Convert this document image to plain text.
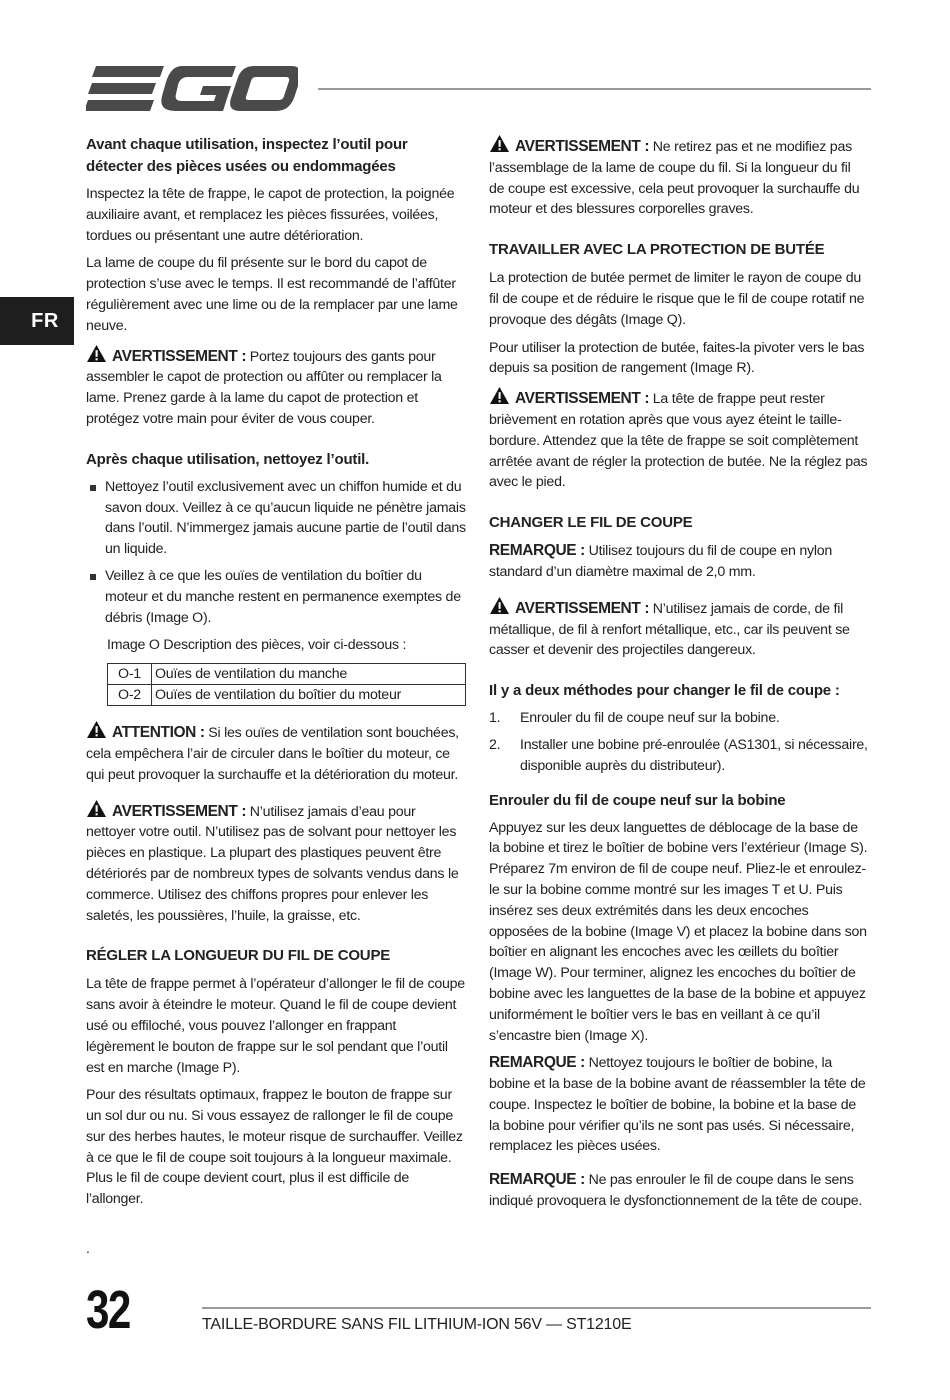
FR
Avant chaque utilisation, inspectez l’outil pour détecter des pièces usées ou endommagées

Inspectez la tête de frappe, le capot de protection, la poignée auxiliaire avant, et remplacez les pièces fissurées, voilées, tordues ou présentant une autre détérioration.

La lame de coupe du fil présente sur le bord du capot de protection s’use avec le temps. Il est recommandé de l’affûter régulièrement avec une lime ou de la remplacer par une lame neuve.

AVERTISSEMENT : Portez toujours des gants pour assembler le capot de protection ou affûter ou remplacer la lame. Prenez garde à la lame du capot de protection et protégez votre main pour éviter de vous couper.

Après chaque utilisation, nettoyez l’outil.
Nettoyez l’outil exclusivement avec un chiffon humide et du savon doux. Veillez à ce qu’aucun liquide ne pénètre jamais dans l’outil. N’immergez jamais aucune partie de l’outil dans un liquide.
Veillez à ce que les ouïes de ventilation du boîtier du moteur et du manche restent en permanence exemptes de débris (Image O).

Image O Description des pièces, voir ci-dessous :

O-1	Ouïes de ventilation du manche
O-2	Ouïes de ventilation du boîtier du moteur

ATTENTION : Si les ouïes de ventilation sont bouchées, cela empêchera l’air de circuler dans le boîtier du moteur, ce qui peut provoquer la surchauffe et la détérioration du moteur.

AVERTISSEMENT : N’utilisez jamais d’eau pour nettoyer votre outil. N’utilisez pas de solvant pour nettoyer les pièces en plastique. La plupart des plastiques peuvent être détériorés par de nombreux types de solvants vendus dans le commerce. Utilisez des chiffons propres pour enlever les saletés, les poussières, l’huile, la graisse, etc.

RÉGLER LA LONGUEUR DU FIL DE COUPE

La tête de frappe permet à l’opérateur d’allonger le fil de coupe sans avoir à éteindre le moteur. Quand le fil de coupe devient usé ou effiloché, vous pouvez l’allonger en frappant légèrement le bouton de frappe sur le sol pendant que l’outil est en marche (Image P).

Pour des résultats optimaux, frappez le bouton de frappe sur un sol dur ou nu. Si vous essayez de rallonger le fil de coupe sur des herbes hautes, le moteur risque de surchauffer. Veillez à ce que le fil de coupe soit toujours à la longueur maximale. Plus le fil de coupe devient court, plus il est difficile de l’allonger.

.

AVERTISSEMENT : Ne retirez pas et ne modifiez pas l’assemblage de la lame de coupe du fil. Si la longueur du fil de coupe est excessive, cela peut provoquer la surchauffe du moteur et des blessures corporelles graves.

TRAVAILLER AVEC LA PROTECTION DE BUTÉE

La protection de butée permet de limiter le rayon de coupe du fil de coupe et de réduire le risque que le fil de coupe rotatif ne provoque des dégâts (Image Q).

Pour utiliser la protection de butée, faites-la pivoter vers le bas depuis sa position de rangement (Image R).

AVERTISSEMENT : La tête de frappe peut rester brièvement en rotation après que vous ayez éteint le taille-bordure. Attendez que la tête de frappe se soit complètement arrêtée avant de régler la protection de butée. Ne la réglez pas avec le pied.

CHANGER LE FIL DE COUPE

REMARQUE : Utilisez toujours du fil de coupe en nylon standard d’un diamètre maximal de 2,0 mm.

AVERTISSEMENT : N’utilisez jamais de corde, de fil métallique, de fil à renfort métallique, etc., car ils peuvent se casser et devenir des projectiles dangereux.

Il y a deux méthodes pour changer le fil de coupe :
1. Enrouler du fil de coupe neuf sur la bobine.
2. Installer une bobine pré-enroulée (AS1301, si nécessaire, disponible auprès du distributeur).
Enrouler du fil de coupe neuf sur la bobine

Appuyez sur les deux languettes de déblocage de la base de la bobine et tirez le boîtier de bobine vers l’extérieur (Image S). Préparez 7m environ de fil de coupe neuf. Pliez-le et enroulez-le sur la bobine comme montré sur les images T et U. Puis insérez ses deux extrémités dans les deux encoches opposées de la bobine (Image V) et placez la bobine dans son boîtier en alignant les encoches avec les œillets du boîtier (Image W). Pour terminer, alignez les encoches du boîtier de bobine avec les languettes de la base de la bobine et appuyez uniformément le boîtier vers le bas en veillant à ce qu’il s’encastre bien (Image X).

REMARQUE : Nettoyez toujours le boîtier de bobine, la bobine et la base de la bobine avant de réassembler la tête de coupe. Inspectez le boîtier de bobine, la bobine et la base de la bobine pour vérifier qu’ils ne sont pas usés. Si nécessaire, remplacez les pièces usées.

REMARQUE : Ne pas enrouler le fil de coupe dans le sens indiqué provoquera le dysfonctionnement de la tête de coupe.

32	TAILLE-BORDURE SANS FIL LITHIUM-ION 56V — ST1210E
